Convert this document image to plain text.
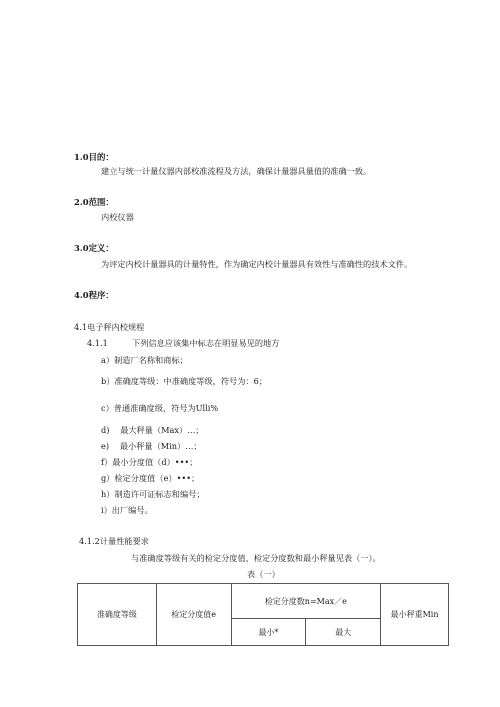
1.0目的：
建立与统一计量仪器内部校准流程及方法，确保计量器具量值的准确一致。
2.0范围：
内校仪器
3.0定义：
为评定内校计量器具的计量特性，作为确定内校计量器具有效性与准确性的技术文件。
4.0程序：
4.1电子秤内校规程
4.1.1	下列信息应该集中标志在明显易见的地方
a）制造厂名称和商标；
b）准确度等级：中准确度等级，符号为：6；
c）普通准确度级，符号为Ulli%
d)　 最大秤量（Max）…；
e)　 最小秤量（Min）…；
f）最小分度值（d）•••；
g）检定分度值（e）•••；
h）制造许可证标志和编号；
i）出厂编号。
4.1.2计量性能要求
与准确度等级有关的检定分度值、检定分度数和最小秤量见表（一）。
表（一）
准确度等级	检定分度值e	检定分度数n=Max／e		最小秤重Min
		最小*	最大	
